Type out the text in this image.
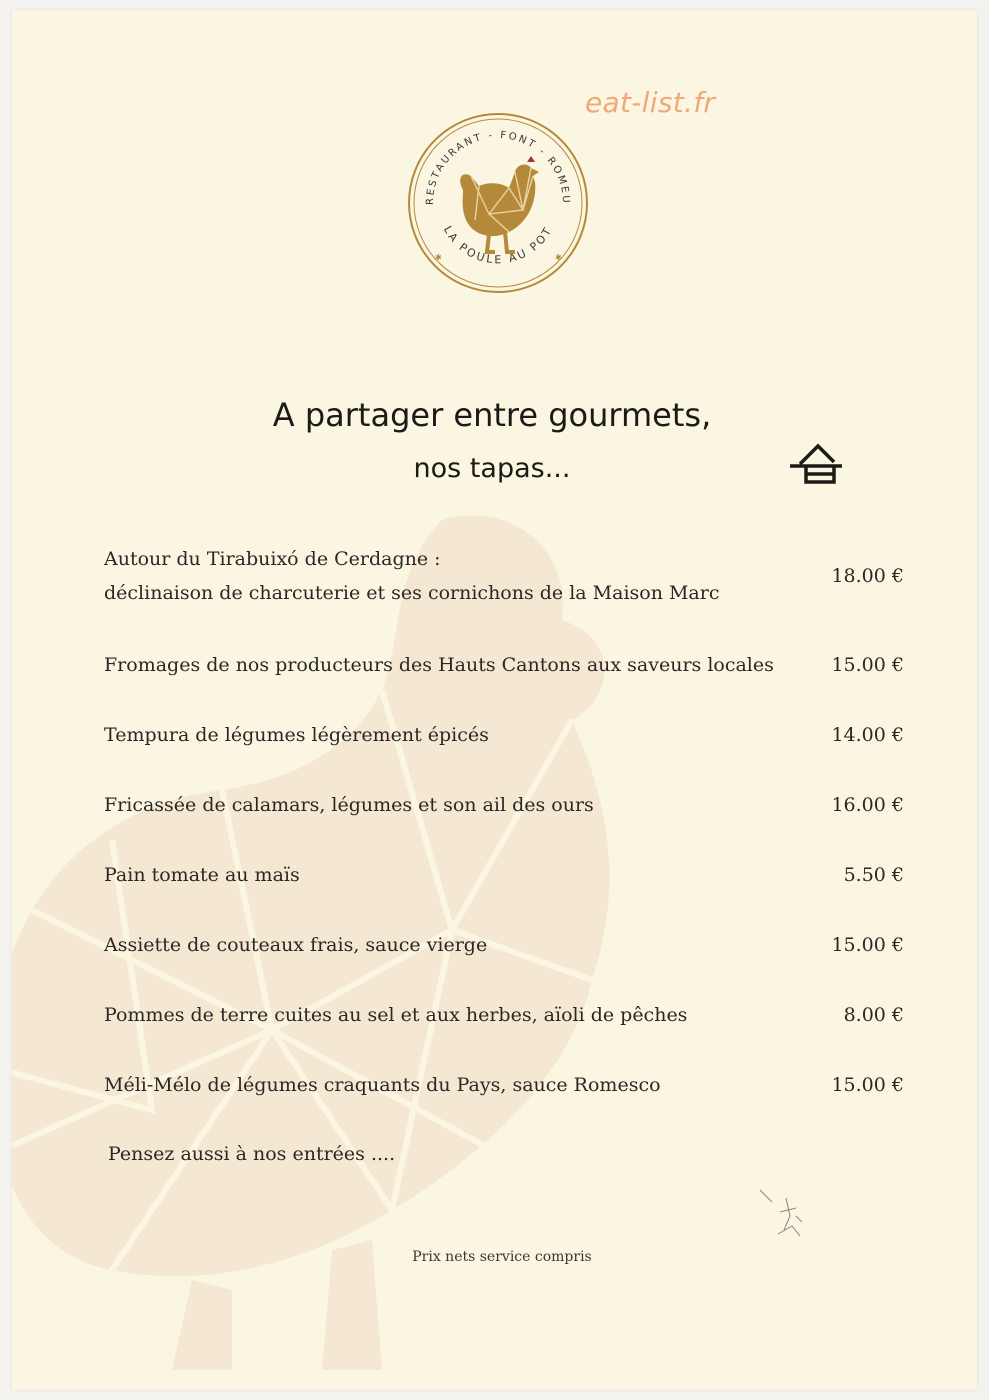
eat-list.fr
RESTAURANT - FONT - ROMEU
LA POULE AU POT
✱	✱
A partager entre gourmets,
nos tapas...
Autour du Tirabuixó de Cerdagne :
déclinaison de charcuterie et ses cornichons de la Maison Marc
18.00 €
Fromages de nos producteurs des Hauts Cantons aux saveurs locales	15.00 €
Tempura de légumes légèrement épicés	14.00 €
Fricassée de calamars, légumes et son ail des ours	16.00 €
Pain tomate au maïs	5.50 €
Assiette de couteaux frais, sauce vierge	15.00 €
Pommes de terre cuites au sel et aux herbes, aïoli de pêches	8.00 €
Méli-Mélo de légumes craquants du Pays, sauce Romesco	15.00 €
Pensez aussi à nos entrées ....
Prix nets service compris
